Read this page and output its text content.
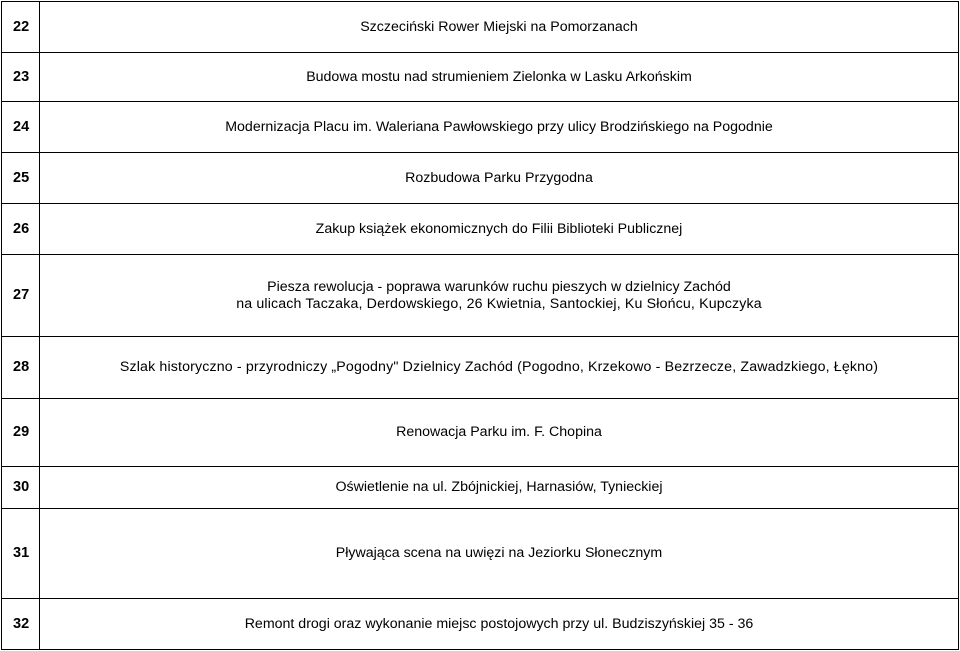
22	Szczeciński Rower Miejski na Pomorzanach

23	Budowa mostu nad strumieniem Zielonka w Lasku Arkońskim

24	Modernizacja Placu im. Waleriana Pawłowskiego przy ulicy Brodzińskiego na Pogodnie

25	Rozbudowa Parku Przygodna

26	Zakup książek ekonomicznych do Filii Biblioteki Publicznej

27	Piesza rewolucja - poprawa warunków ruchu pieszych w dzielnicy Zachód
na ulicach Taczaka, Derdowskiego, 26 Kwietnia, Santockiej, Ku Słońcu, Kupczyka

28	Szlak historyczno - przyrodniczy „Pogodny" Dzielnicy Zachód (Pogodno, Krzekowo - Bezrzecze, Zawadzkiego, Łękno)

29	Renowacja Parku im. F. Chopina

30	Oświetlenie na ul. Zbójnickiej, Harnasiów, Tynieckiej

31	Pływająca scena na uwięzi na Jeziorku Słonecznym

32	Remont drogi oraz wykonanie miejsc postojowych przy ul. Budziszyńskiej 35 - 36
